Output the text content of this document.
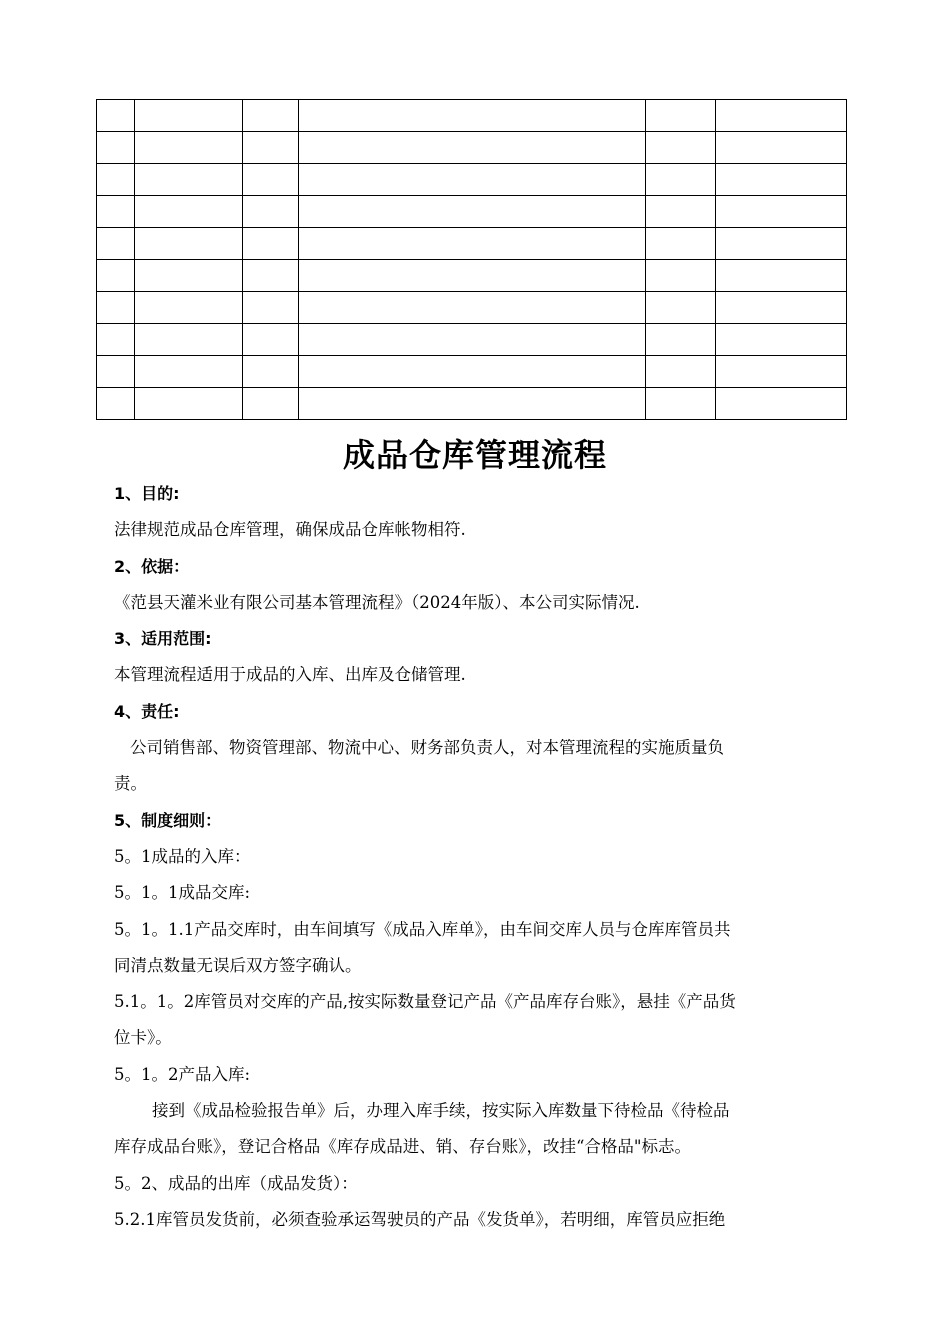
成品仓库管理流程
1、目的:
法律规范成品仓库管理，确保成品仓库帐物相符.
2、依据：
《范县天灌米业有限公司基本管理流程》（2024年版）、本公司实际情况.
3、适用范围:
本管理流程适用于成品的入库、出库及仓储管理.
4、责任:
公司销售部、物资管理部、物流中心、财务部负责人，对本管理流程的实施质量负
责。
5、制度细则：
5。1成品的入库：
5。1。1成品交库:
5。1。1.1产品交库时，由车间填写《成品入库单》，由车间交库人员与仓库库管员共
同清点数量无误后双方签字确认。
5.1。1。2库管员对交库的产品,按实际数量登记产品《产品库存台账》，悬挂《产品货
位卡》。
5。1。2产品入库:
接到《成品检验报告单》后，办理入库手续，按实际入库数量下待检品《待检品
库存成品台账》，登记合格品《库存成品进、销、存台账》，改挂“合格品"标志。
5。2、成品的出库（成品发货）：
5.2.1库管员发货前，必须查验承运驾驶员的产品《发货单》，若明细，库管员应拒绝
